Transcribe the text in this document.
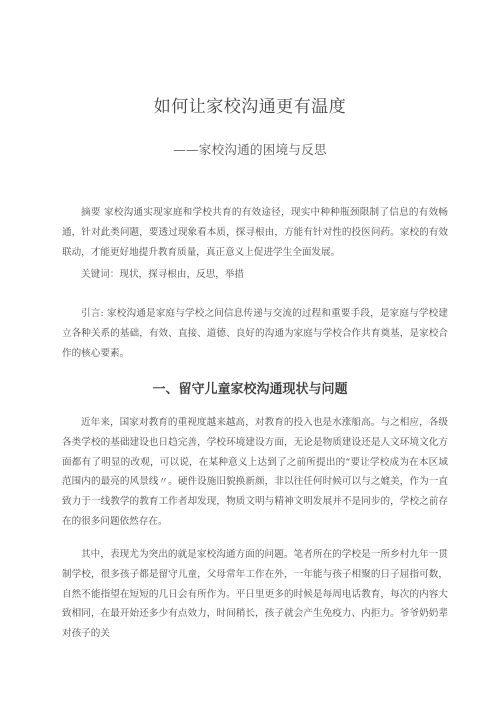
如何让家校沟通更有温度
——家校沟通的困境与反思

摘要 家校沟通实现家庭和学校共育的有效途径，现实中种种瓶颈限制了信息的有效畅通，针对此类问题，要透过现象看本质，探寻根由，方能有针对性的投医问药。家校的有效联动，才能更好地提升教育质量，真正意义上促进学生全面发展。

关键词：现状，探寻根由，反思，举措

引言: 家校沟通是家庭与学校之间信息传递与交流的过程和重要手段，是家庭与学校建立各种关系的基础，有效、直接、道德、良好的沟通为家庭与学校合作共育奠基，是家校合作的核心要素。

一、留守儿童家校沟通现状与问题

近年来，国家对教育的重视度越来越高，对教育的投入也是水涨船高。与之相应，各级各类学校的基础建设也日趋完善，学校环境建设方面，无论是物质建设还是人文环境文化方面都有了明显的改观，可以说，在某种意义上达到了之前所提出的“要让学校成为在本区域范围内的最亮的风景线〃。硬件设施旧貌换新颜，非以往任何时候可以与之媲美，作为一直致力于一线教学的教育工作者却发现，物质文明与精神文明发展并不是同步的，学校之前存在的很多问题依然存在。

其中，表现尤为突出的就是家校沟通方面的问题。笔者所在的学校是一所乡村九年一贯制学校，很多孩子都是留守儿童，父母常年工作在外，一年能与孩子相聚的日子屈指可数，自然不能指望在短短的几日会有所作为。平日里更多的时候是每周电话教育，每次的内容大致相同，在最开始还多少有点效力，时间稍长，孩子就会产生免疫力、内拒力。爷爷奶奶辈对孩子的关
